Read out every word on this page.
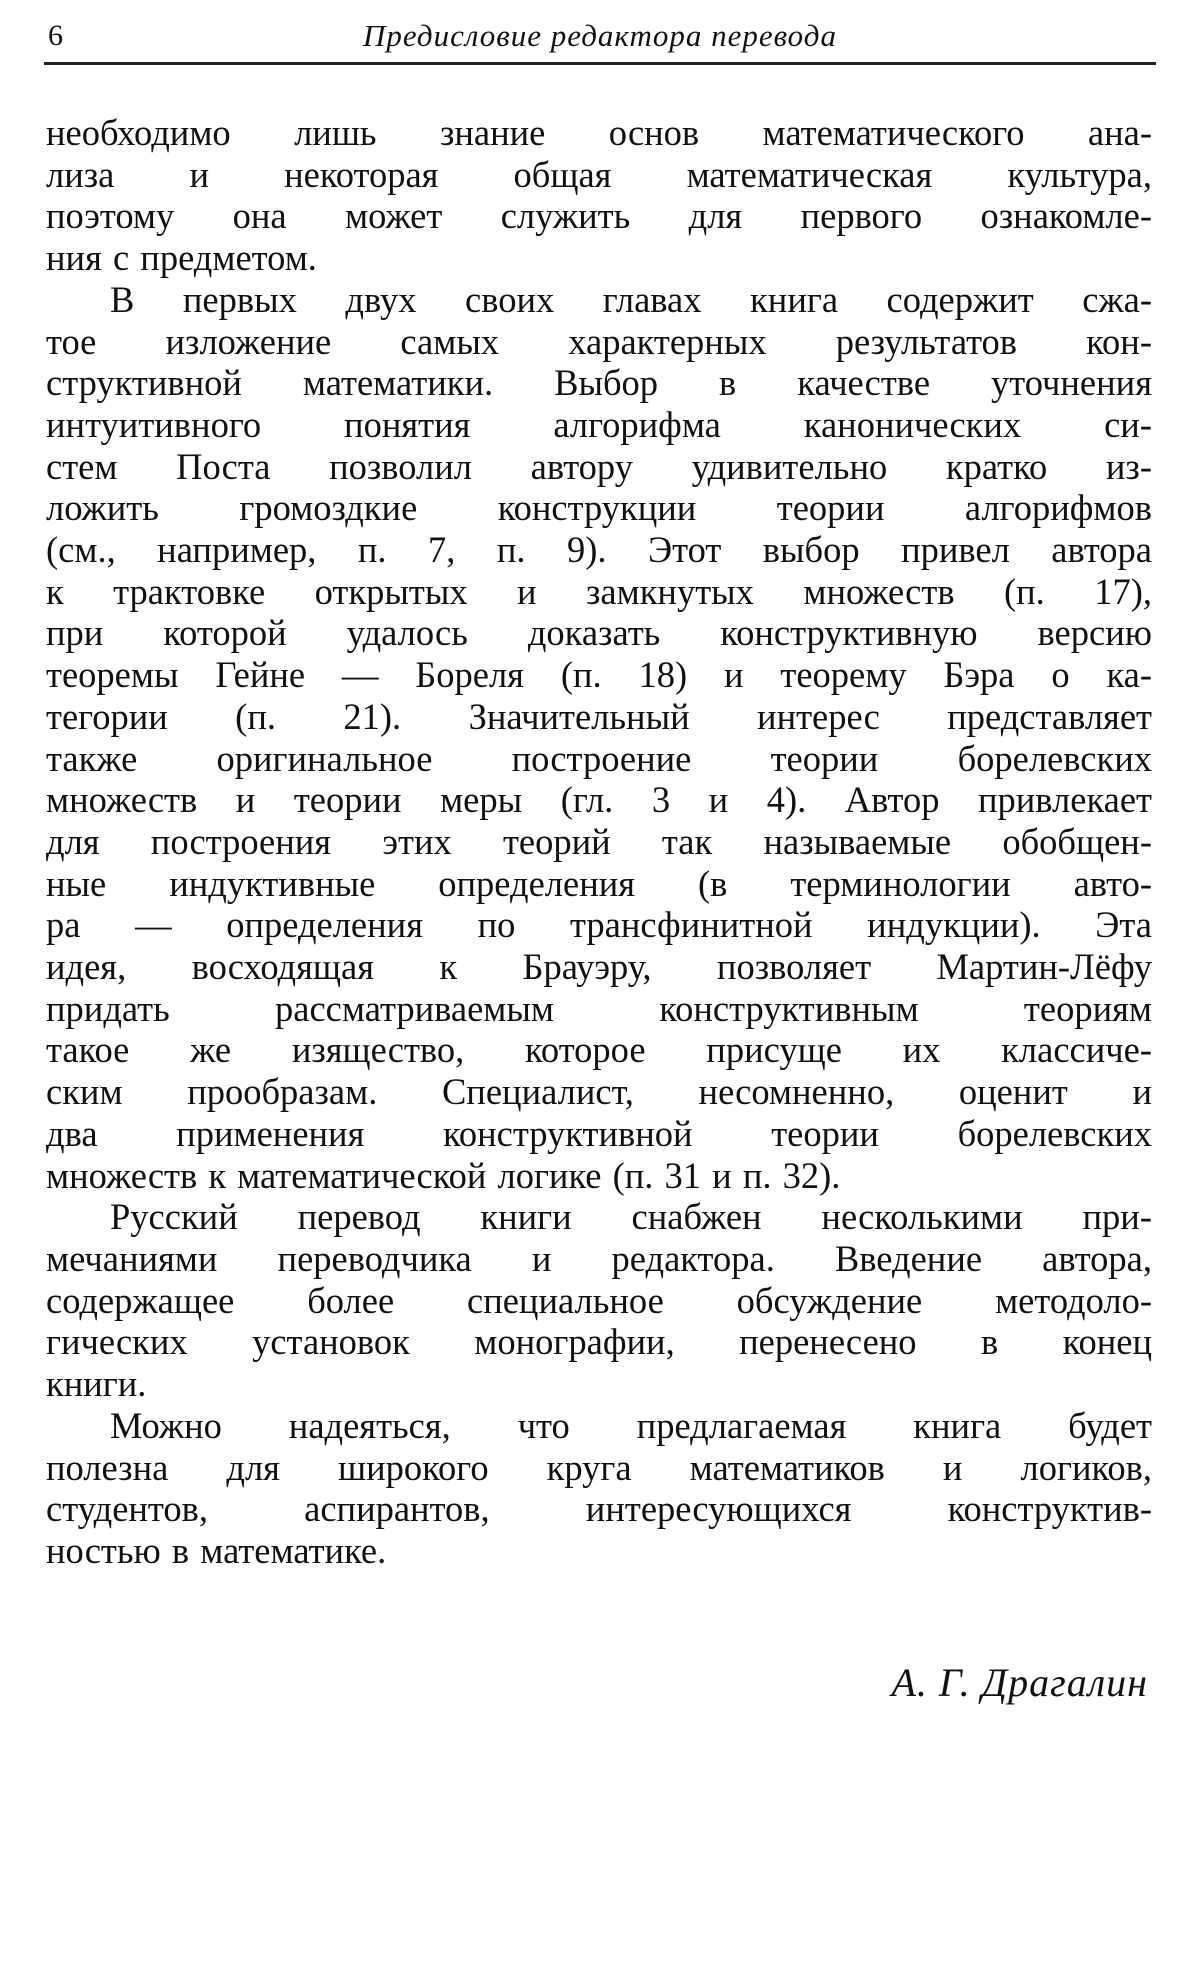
6	Предисловие редактора перевода

необходимо лишь знание основ математического ана-
лиза и некоторая общая математическая культура,
поэтому она может служить для первого ознакомле-
ния с предметом.

В первых двух своих главах книга содержит сжа-
тое изложение самых характерных результатов кон-
структивной математики. Выбор в качестве уточнения
интуитивного понятия алгорифма канонических си-
стем Поста позволил автору удивительно кратко из-
ложить громоздкие конструкции теории алгорифмов
(см., например, п. 7, п. 9). Этот выбор привел автора
к трактовке открытых и замкнутых множеств (п. 17),
при которой удалось доказать конструктивную версию
теоремы Гейне — Бореля (п. 18) и теорему Бэра о ка-
тегории (п. 21). Значительный интерес представляет
также оригинальное построение теории борелевских
множеств и теории меры (гл. 3 и 4). Автор привлекает
для построения этих теорий так называемые обобщен-
ные индуктивные определения (в терминологии авто-
ра — определения по трансфинитной индукции). Эта
идея, восходящая к Брауэру, позволяет Мартин-Лёфу
придать рассматриваемым конструктивным теориям
такое же изящество, которое присуще их классиче-
ским прообразам. Специалист, несомненно, оценит и
два применения конструктивной теории борелевских
множеств к математической логике (п. 31 и п. 32).

Русский перевод книги снабжен несколькими при-
мечаниями переводчика и редактора. Введение автора,
содержащее более специальное обсуждение методоло-
гических установок монографии, перенесено в конец
книги.

Можно надеяться, что предлагаемая книга будет
полезна для широкого круга математиков и логиков,
студентов, аспирантов, интересующихся конструктив-
ностью в математике.

А. Г. Драгалин
